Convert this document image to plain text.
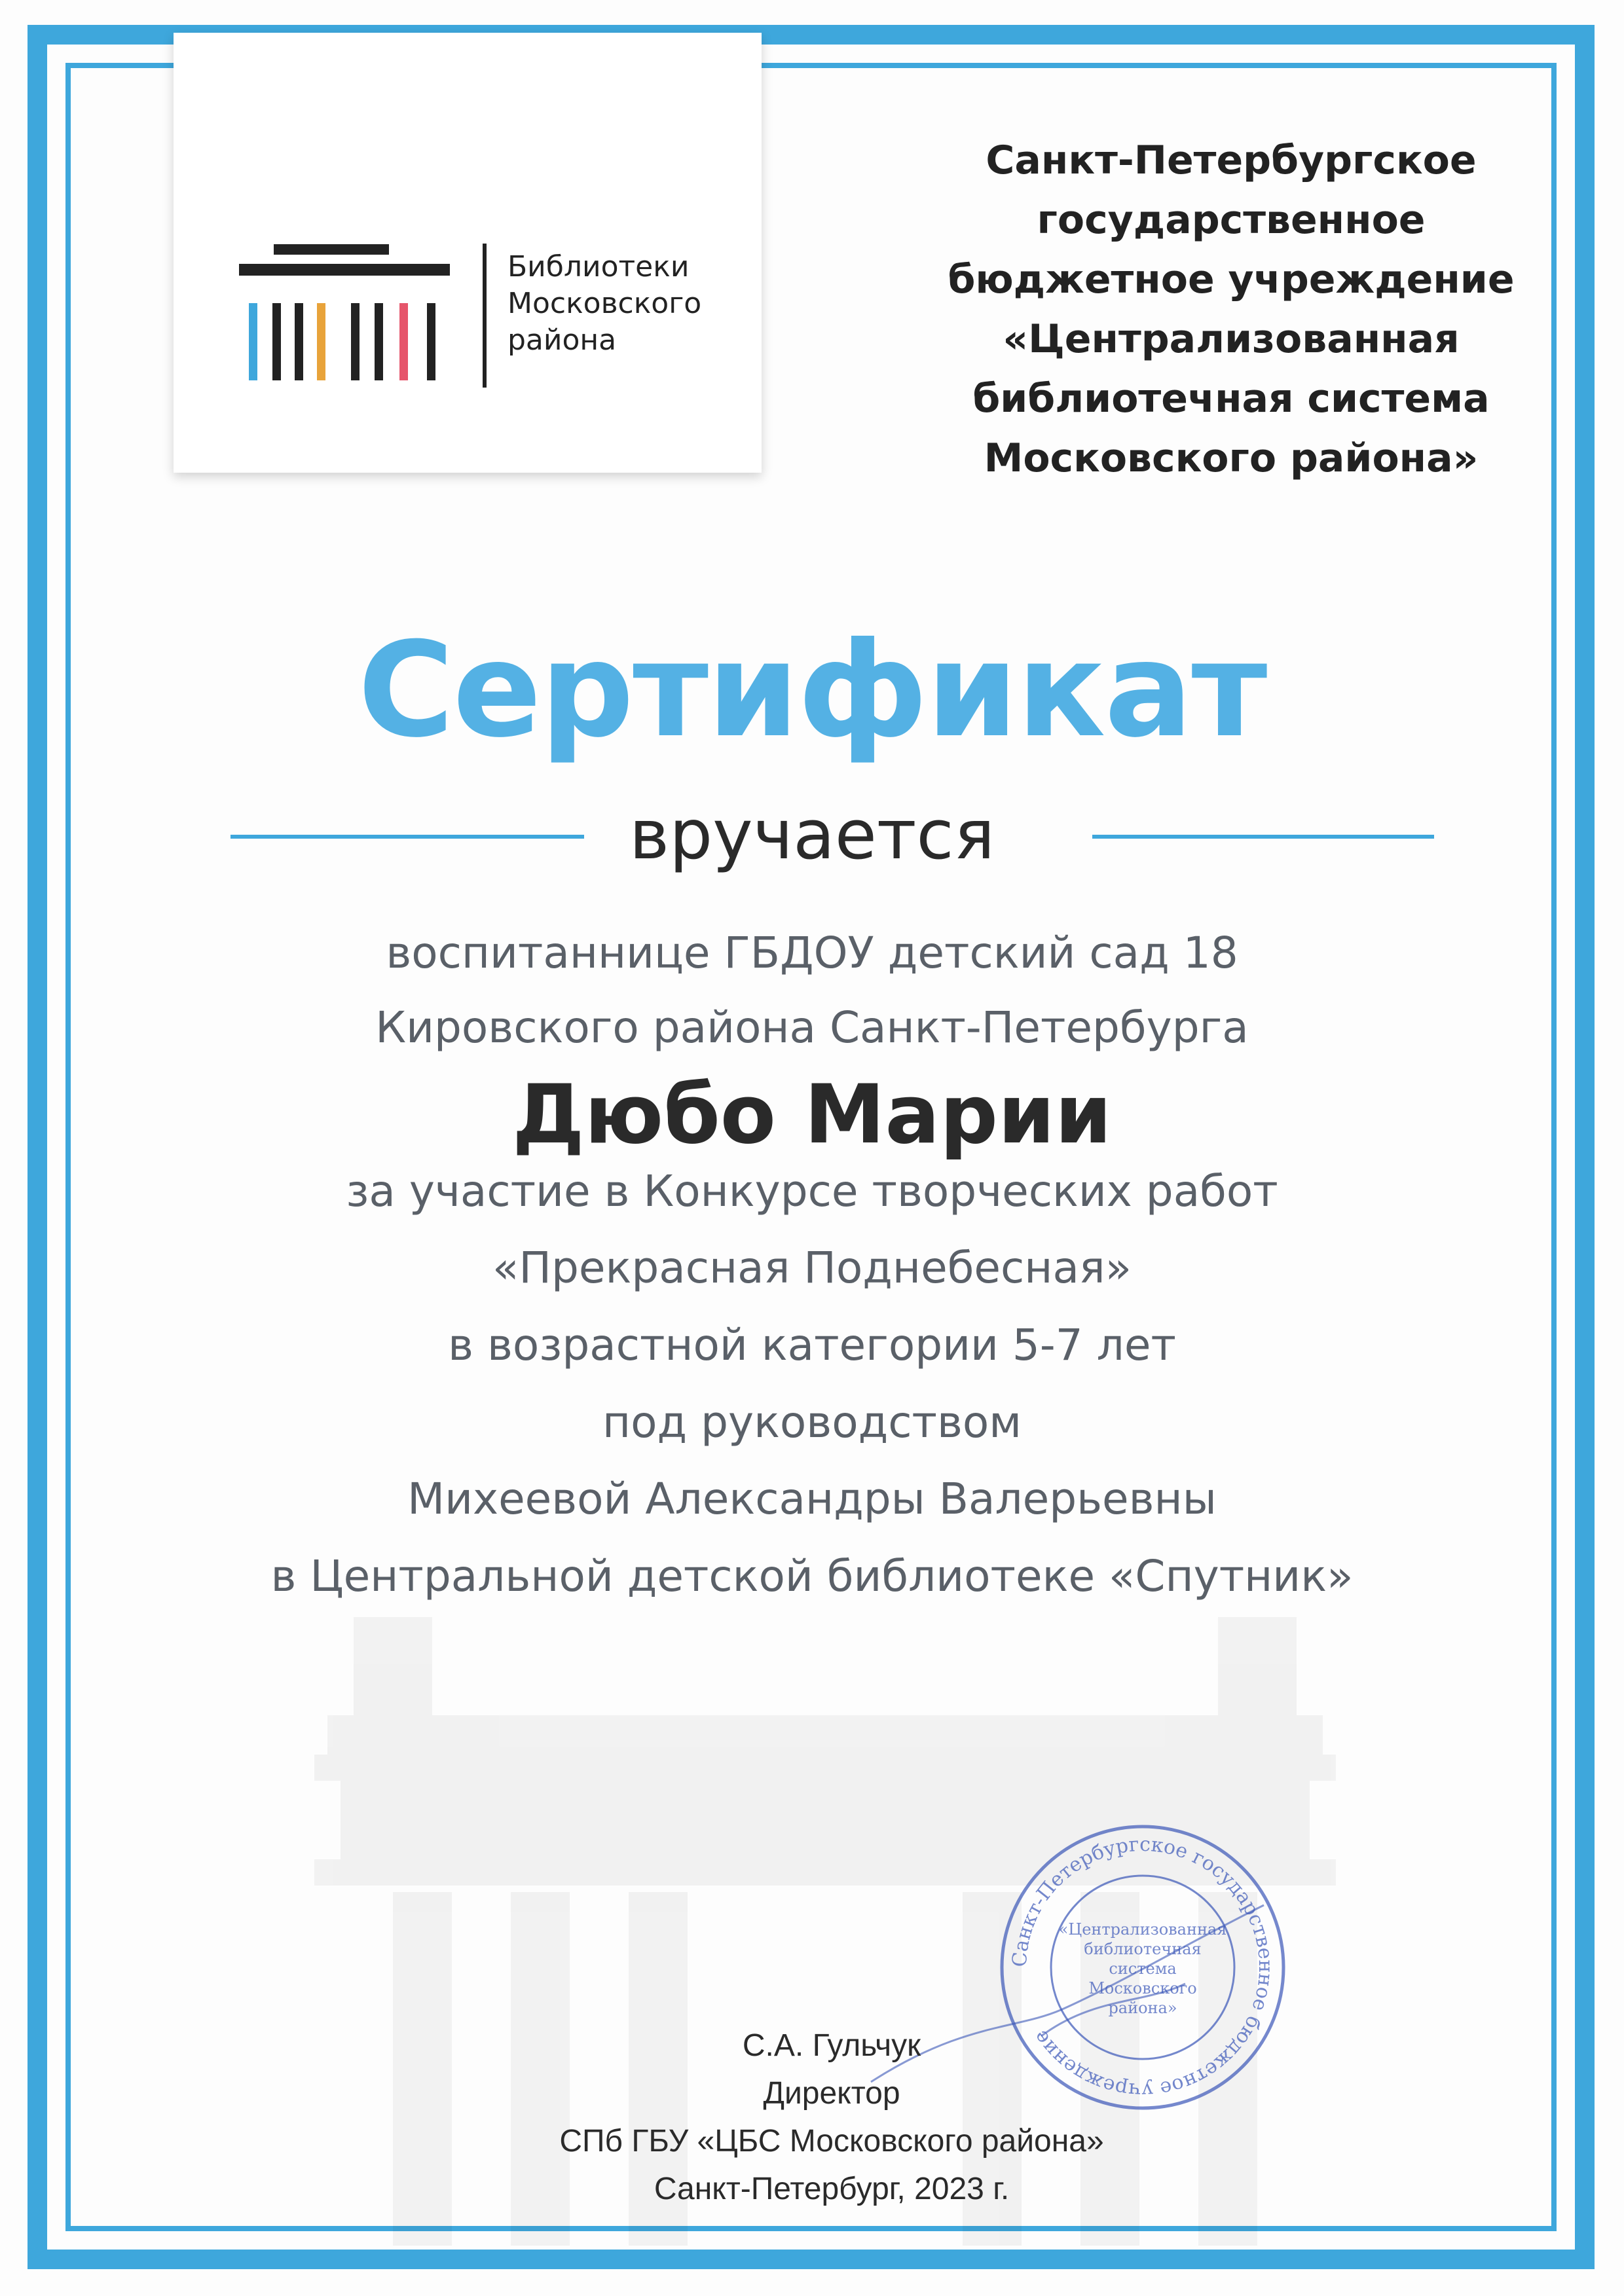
Библиотеки
Московского
района
Санкт-Петербургское
государственное
бюджетное учреждение
«Централизованная
библиотечная система
Московского района»
Сертификат
вручается
воспитаннице ГБДОУ детский сад 18
Кировского района Санкт-Петербурга
Дюбо Марии
за участие в Конкурсе творческих работ
«Прекрасная Поднебесная»
в возрастной категории 5-7 лет
под руководством
Михеевой Александры Валерьевны
в Центральной детской библиотеке «Спутник»
Санкт-Петербургское государственное бюджетное учреждение
«Централизованная
библиотечная
система
Московского
района»
С.А. Гульчук
Директор
СПб ГБУ «ЦБС Московского района»
Санкт-Петербург, 2023 г.
